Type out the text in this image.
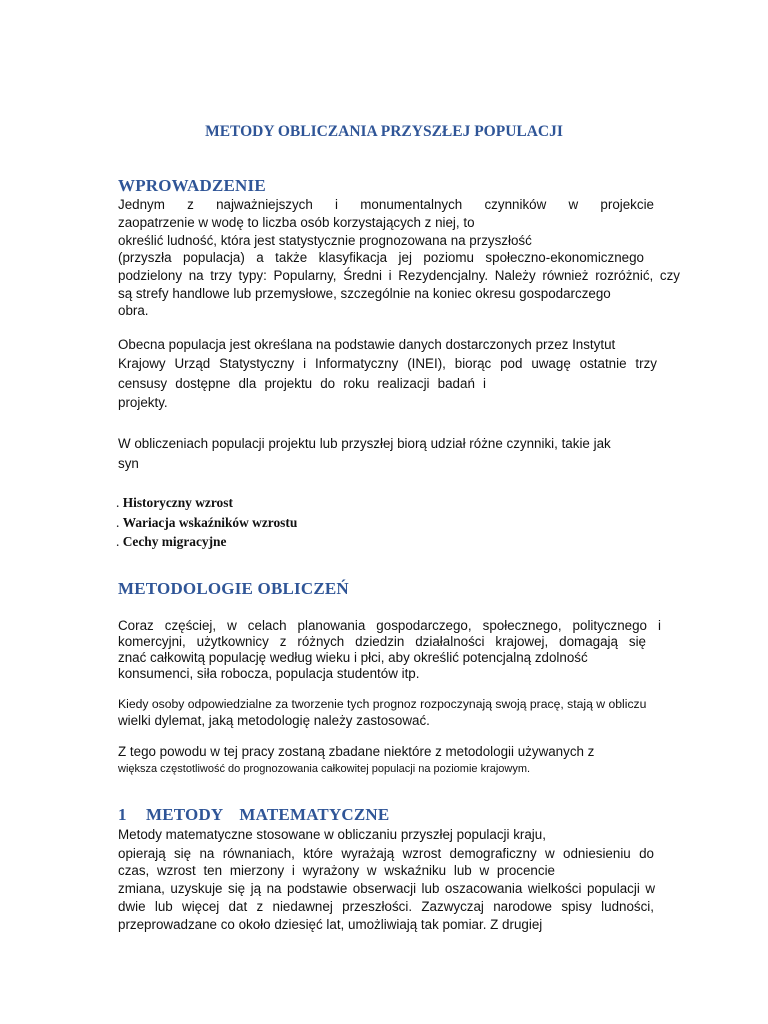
METODY OBLICZANIA PRZYSZŁEJ POPULACJI
WPROWADZENIE
Jednym z najważniejszych i monumentalnych czynników w projekcie
zaopatrzenie w wodę to liczba osób korzystających z niej, to
określić ludność, która jest statystycznie prognozowana na przyszłość
(przyszła populacja) a także klasyfikacja jej poziomu społeczno-ekonomicznego
podzielony na trzy typy: Popularny, Średni i Rezydencjalny. Należy również rozróżnić, czy
są strefy handlowe lub przemysłowe, szczególnie na koniec okresu gospodarczego
obra.
Obecna populacja jest określana na podstawie danych dostarczonych przez Instytut
Krajowy Urząd Statystyczny i Informatyczny (INEI), biorąc pod uwagę ostatnie trzy
censusy dostępne dla projektu do roku realizacji badań i
projekty.
W obliczeniach populacji projektu lub przyszłej biorą udział różne czynniki, takie jak
syn
. Historyczny wzrost
. Wariacja wskaźników wzrostu
. Cechy migracyjne
METODOLOGIE OBLICZEŃ
Coraz częściej, w celach planowania gospodarczego, społecznego, politycznego i
komercyjni, użytkownicy z różnych dziedzin działalności krajowej, domagają się
znać całkowitą populację według wieku i płci, aby określić potencjalną zdolność
konsumenci, siła robocza, populacja studentów itp.
Kiedy osoby odpowiedzialne za tworzenie tych prognoz rozpoczynają swoją pracę, stają w obliczu
wielki dylemat, jaką metodologię należy zastosować.
Z tego powodu w tej pracy zostaną zbadane niektóre z metodologii używanych z
większa częstotliwość do prognozowania całkowitej populacji na poziomie krajowym.
1 METODY MATEMATYCZNE
Metody matematyczne stosowane w obliczaniu przyszłej populacji kraju,
opierają się na równaniach, które wyrażają wzrost demograficzny w odniesieniu do
czas, wzrost ten mierzony i wyrażony w wskaźniku lub w procencie
zmiana, uzyskuje się ją na podstawie obserwacji lub oszacowania wielkości populacji w
dwie lub więcej dat z niedawnej przeszłości. Zazwyczaj narodowe spisy ludności,
przeprowadzane co około dziesięć lat, umożliwiają tak pomiar. Z drugiej
